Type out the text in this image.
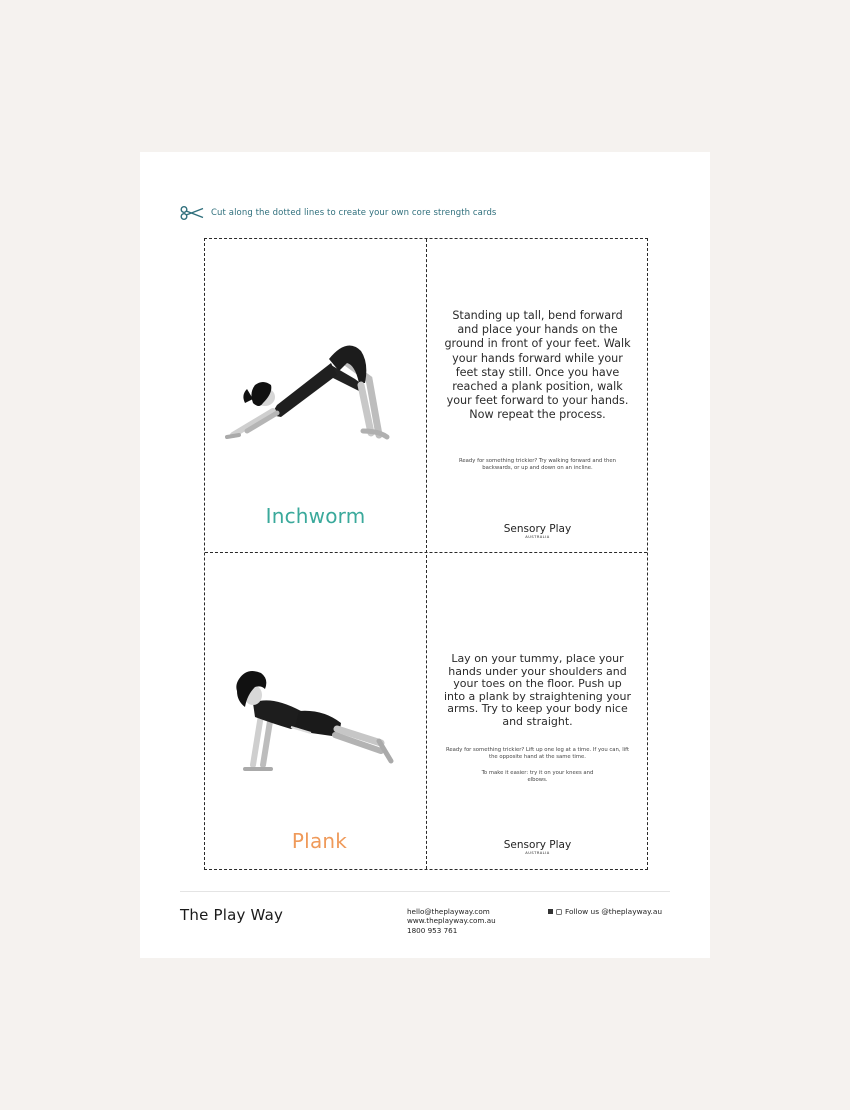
Cut along the dotted lines to create your own core strength cards
Inchworm
Standing up tall, bend forward and place your hands on the ground in front of your feet. Walk your hands forward while your feet stay still. Once you have reached a plank position, walk your feet forward to your hands. Now repeat the process.
Ready for something trickier? Try walking forward and then backwards, or up and down on an incline.
Sensory Play
AUSTRALIA
Plank
Lay on your tummy, place your hands under your shoulders and your toes on the floor. Push up into a plank by straightening your arms. Try to keep your body nice and straight.
Ready for something trickier? Lift up one leg at a time. If you can, lift the opposite hand at the same time.
To make it easier: try it on your knees and elbows.
Sensory Play
AUSTRALIA
The Play Way	hello@theplayway.com
www.theplayway.com.au
1800 953 761
Follow us @theplayway.au
